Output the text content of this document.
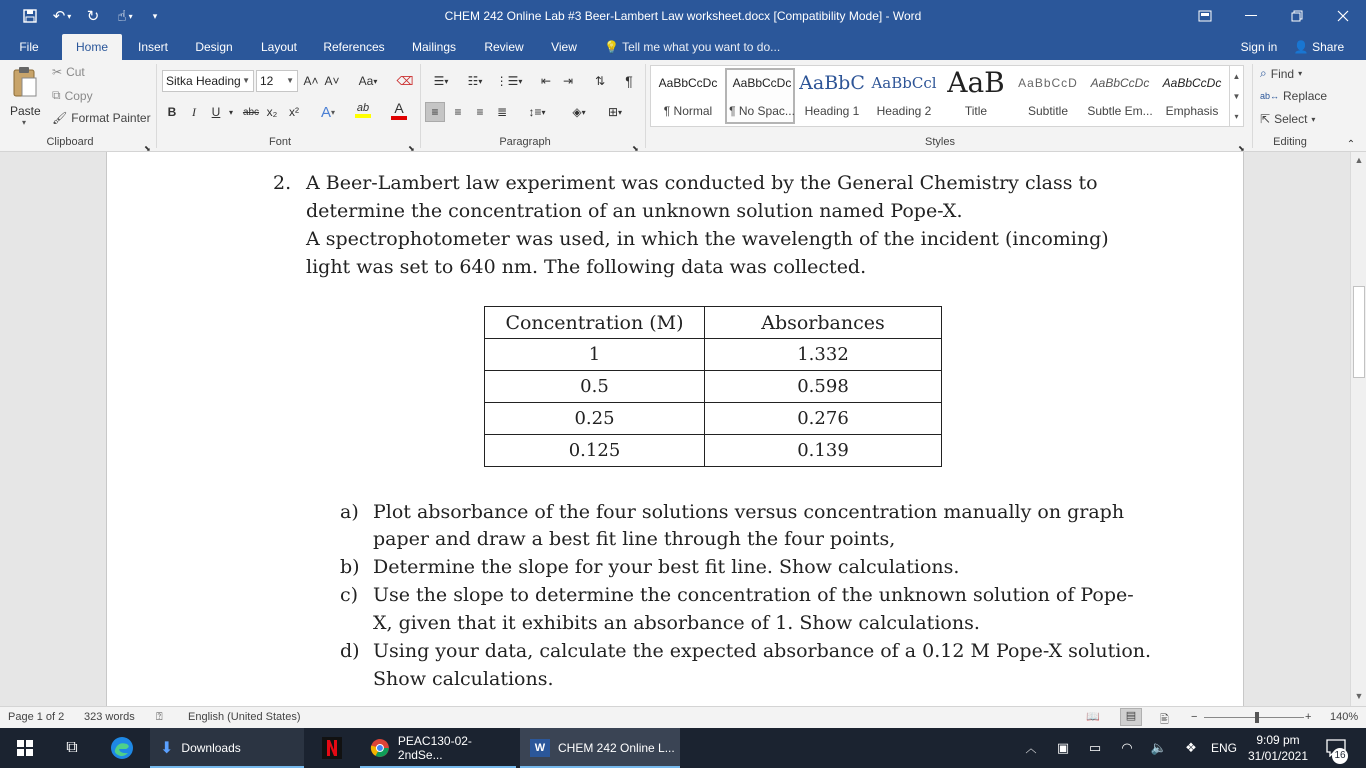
↶ ▾ ↻	☝ ▾	▾	CHEM 242 Online Lab #3 Beer-Lambert Law worksheet.docx [Compatibility Mode] - Word
File	Home	Insert	Design	Layout	References	Mailings	Review	View	💡 Tell me what you want to do...	Sign in	👤 Share
Paste
▾
✂ Cut
⧉ Copy
🖌 Format Painter
Clipboard	⬊
Sitka Heading ▼ 12 ▼ A˄ A˅ Aa ▾ ⌫
B	I	U	▾ abc x₂ x² A ▾ ab A
Font	⬊
☰ ▾ ☷ ▾ ⋮☰ ▾	⇤ ⇥	⇅	¶
≡	≡	≡	≣	↕≡ ▾ ◈ ▾ ⊞ ▾
Paragraph	⬊
AaBbCcDc
¶ Normal
AaBbCcDc
¶ No Spac...
AaBbC
Heading 1
AaBbCcl
Heading 2
AaB
Title
AaBbCcD
Subtitle
AaBbCcDc
Subtle Em...
AaBbCcDc
Emphasis
▲
▼
▾
Styles	⬊
⌕ Find ▾
ab↔ Replace
⇱ Select ▾
Editing	⌃
2. A Beer-Lambert law experiment was conducted by the General Chemistry class to
determine the concentration of an unknown solution named Pope-X.
A spectrophotometer was used, in which the wavelength of the incident (incoming)
light was set to 640 nm. The following data was collected.
Concentration (M)	Absorbances
1	1.332
0.5	0.598
0.25	0.276
0.125	0.139
a) Plot absorbance of the four solutions versus concentration manually on graph
paper and draw a best fit line through the four points,
b) Determine the slope for your best fit line. Show calculations.
c) Use the slope to determine the concentration of the unknown solution of Pope-
X, given that it exhibits an absorbance of 1. Show calculations.
d) Using your data, calculate the expected absorbance of a 0.12 M Pope-X solution.
Show calculations.
▲
▼
Page 1 of 2 323 words ⍰ English (United States)	📖	▤	🖹 −	+ 140%
⧉	⬇ Downloads	PEAC130-02-2ndSe...	W	CHEM 242 Online L...	︿	▣	▭	◠	🔈	❖	ENG
9:09 pm
31/01/2021	16
